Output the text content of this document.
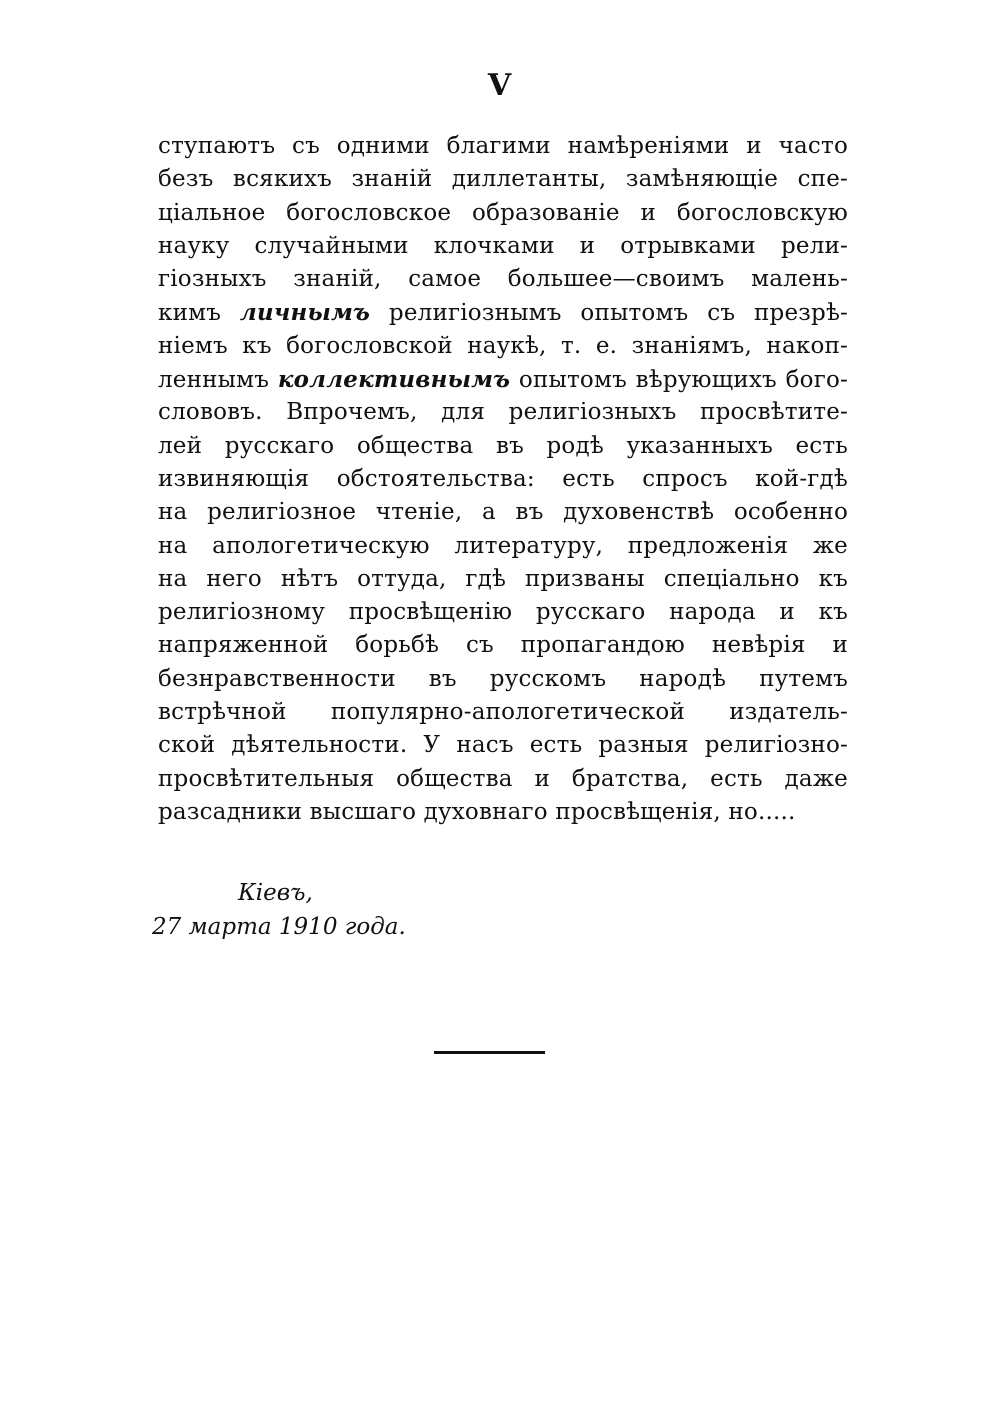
V
ступаютъ съ одними благими намѣреніями и часто
безъ всякихъ знаній диллетанты, замѣняющіе спе-
ціальное богословское образованіе и богословскую
науку случайными клочками и отрывками рели-
гіозныхъ знаній, самое большее—своимъ малень-
кимъ личнымъ религіознымъ опытомъ съ презрѣ-
ніемъ къ богословской наукѣ, т. е. знаніямъ, накоп-
леннымъ коллективнымъ опытомъ вѣрующихъ бого-
слововъ. Впрочемъ, для религіозныхъ просвѣтите-
лей русскаго общества въ родѣ указанныхъ есть
извиняющія обстоятельства: есть спросъ кой-гдѣ
на религіозное чтеніе, а въ духовенствѣ особенно
на апологетическую литературу, предложенія же
на него нѣтъ оттуда, гдѣ призваны спеціально къ
религіозному просвѣщенію русскаго народа и къ
напряженной борьбѣ съ пропагандою невѣрія и
безнравственности въ русскомъ народѣ путемъ
встрѣчной популярно-апологетической издатель-
ской дѣятельности. У насъ есть разныя религіозно-
просвѣтительныя общества и братства, есть даже
разсадники высшаго духовнаго просвѣщенія, но.....
Кіевъ,
27 марта 1910 года.
